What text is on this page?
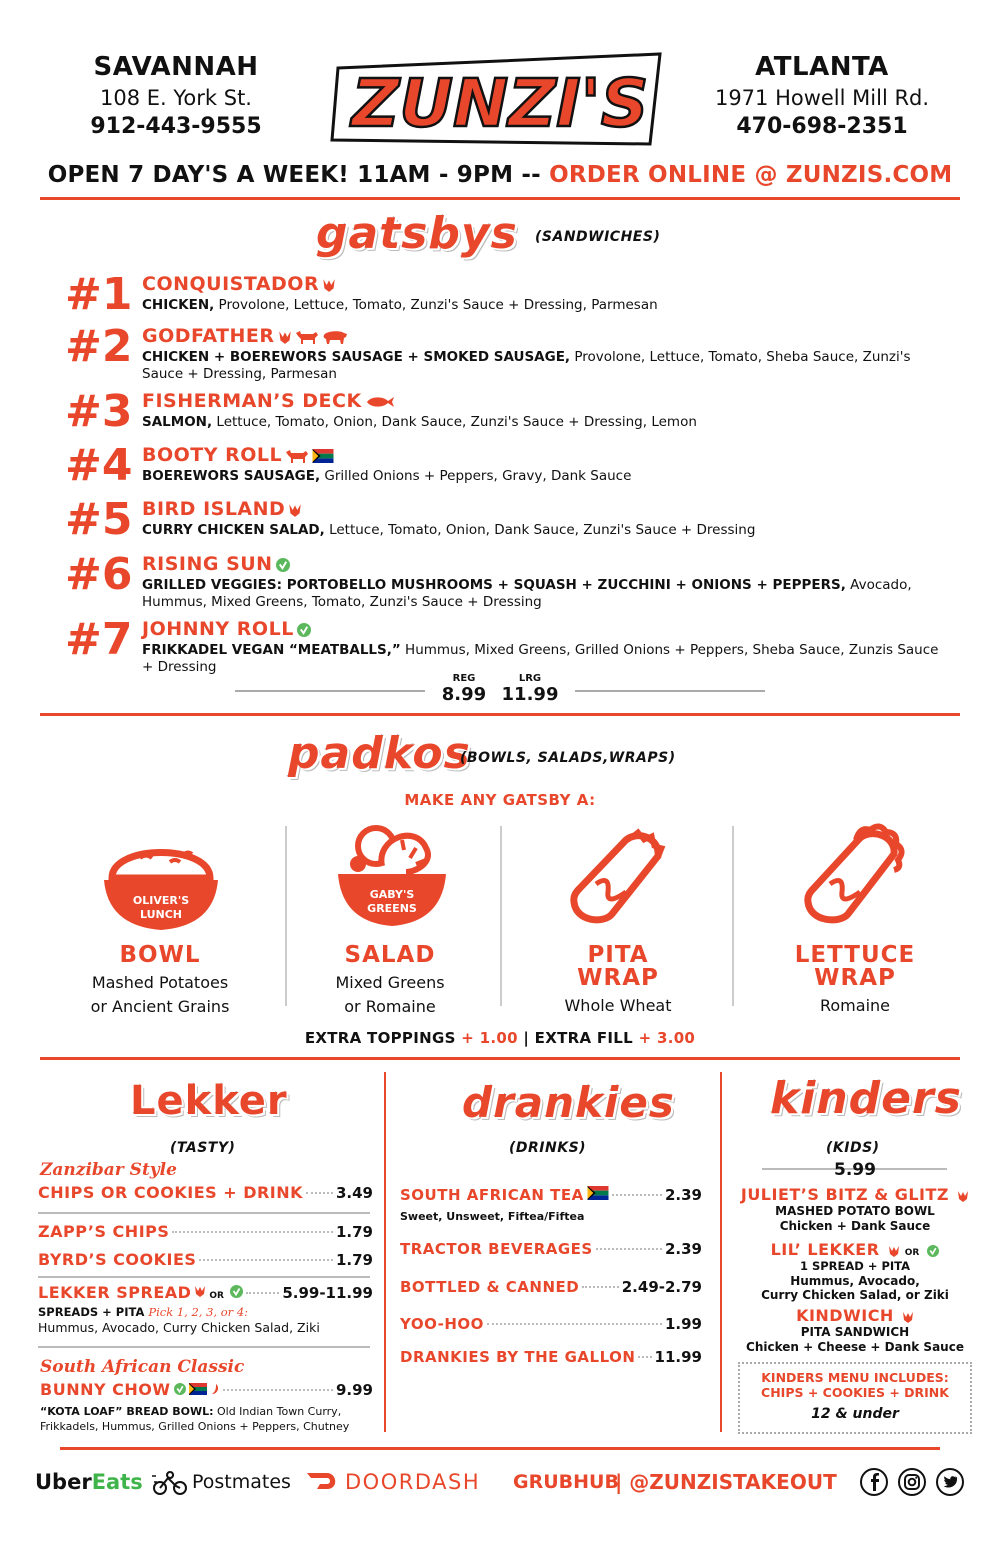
SAVANNAH
108 E. York St.
912-443-9555	ZUNZI'S	ATLANTA
1971 Howell Mill Rd.
470-698-2351
OPEN 7 DAY'S A WEEK! 11AM - 9PM -- ORDER ONLINE @ ZUNZIS.COM
gatsbys (SANDWICHES)
#1 CONQUISTADOR
CHICKEN, Provolone, Lettuce, Tomato, Zunzi's Sauce + Dressing, Parmesan
#2 GODFATHER
CHICKEN + BOEREWORS SAUSAGE + SMOKED SAUSAGE, Provolone, Lettuce, Tomato, Sheba Sauce, Zunzi's Sauce + Dressing, Parmesan
#3 FISHERMAN’S DECK
SALMON, Lettuce, Tomato, Onion, Dank Sauce, Zunzi's Sauce + Dressing, Lemon
#4 BOOTY ROLL
BOEREWORS SAUSAGE, Grilled Onions + Peppers, Gravy, Dank Sauce
#5 BIRD ISLAND
CURRY CHICKEN SALAD, Lettuce, Tomato, Onion, Dank Sauce, Zunzi's Sauce + Dressing
#6 RISING SUN
GRILLED VEGGIES: PORTOBELLO MUSHROOMS + SQUASH + ZUCCHINI + ONIONS + PEPPERS, Avocado, Hummus, Mixed Greens, Tomato, Zunzi's Sauce + Dressing
#7 JOHNNY ROLL
FRIKKADEL VEGAN “MEATBALLS,” Hummus, Mixed Greens, Grilled Onions + Peppers, Sheba Sauce, Zunzis Sauce + Dressing
REG	LRG
8.99 11.99
padkos
(BOWLS, SALADS,WRAPS)
MAKE ANY GATSBY A:
OLIVER'S
LUNCH
GABY'S
GREENS
BOWL
Mashed Potatoes
or Ancient Grains
SALAD
Mixed Greens
or Romaine
PITA WRAP
Whole Wheat
LETTUCE WRAP
Romaine
EXTRA TOPPINGS + 1.00 | EXTRA FILL + 3.00
Lekker
(TASTY)
Zanzibar Style
CHIPS OR COOKIES + DRINK 3.49
ZAPP’S CHIPS	1.79
BYRD’S COOKIES	1.79
LEKKER SPREAD OR	5.99-11.99
SPREADS + PITA Pick 1, 2, 3, or 4:
Hummus, Avocado, Curry Chicken Salad, Ziki
South African Classic
BUNNY CHOW	9.99
“KOTA LOAF” BREAD BOWL: Old Indian Town Curry, Frikkadels, Hummus, Grilled Onions + Peppers, Chutney
drankies
(DRINKS)
SOUTH AFRICAN TEA	2.39
Sweet, Unsweet, Fiftea/Fiftea
TRACTOR BEVERAGES	2.39
BOTTLED & CANNED	2.49-2.79
YOO-HOO	1.99
DRANKIES BY THE GALLON 11.99
kinders
(KIDS)
5.99
JULIET’S BITZ & GLITZ
MASHED POTATO BOWL
Chicken + Dank Sauce
LIL’ LEKKER	OR
1 SPREAD + PITA
Hummus, Avocado,
Curry Chicken Salad, or Ziki
KINDWICH
PITA SANDWICH
Chicken + Cheese + Dank Sauce
KINDERS MENU INCLUDES:
CHIPS + COOKIES + DRINK
12 & under
UberEats	Postmates	DOORDASH GRUBHUB
| @ZUNZISTAKEOUT
